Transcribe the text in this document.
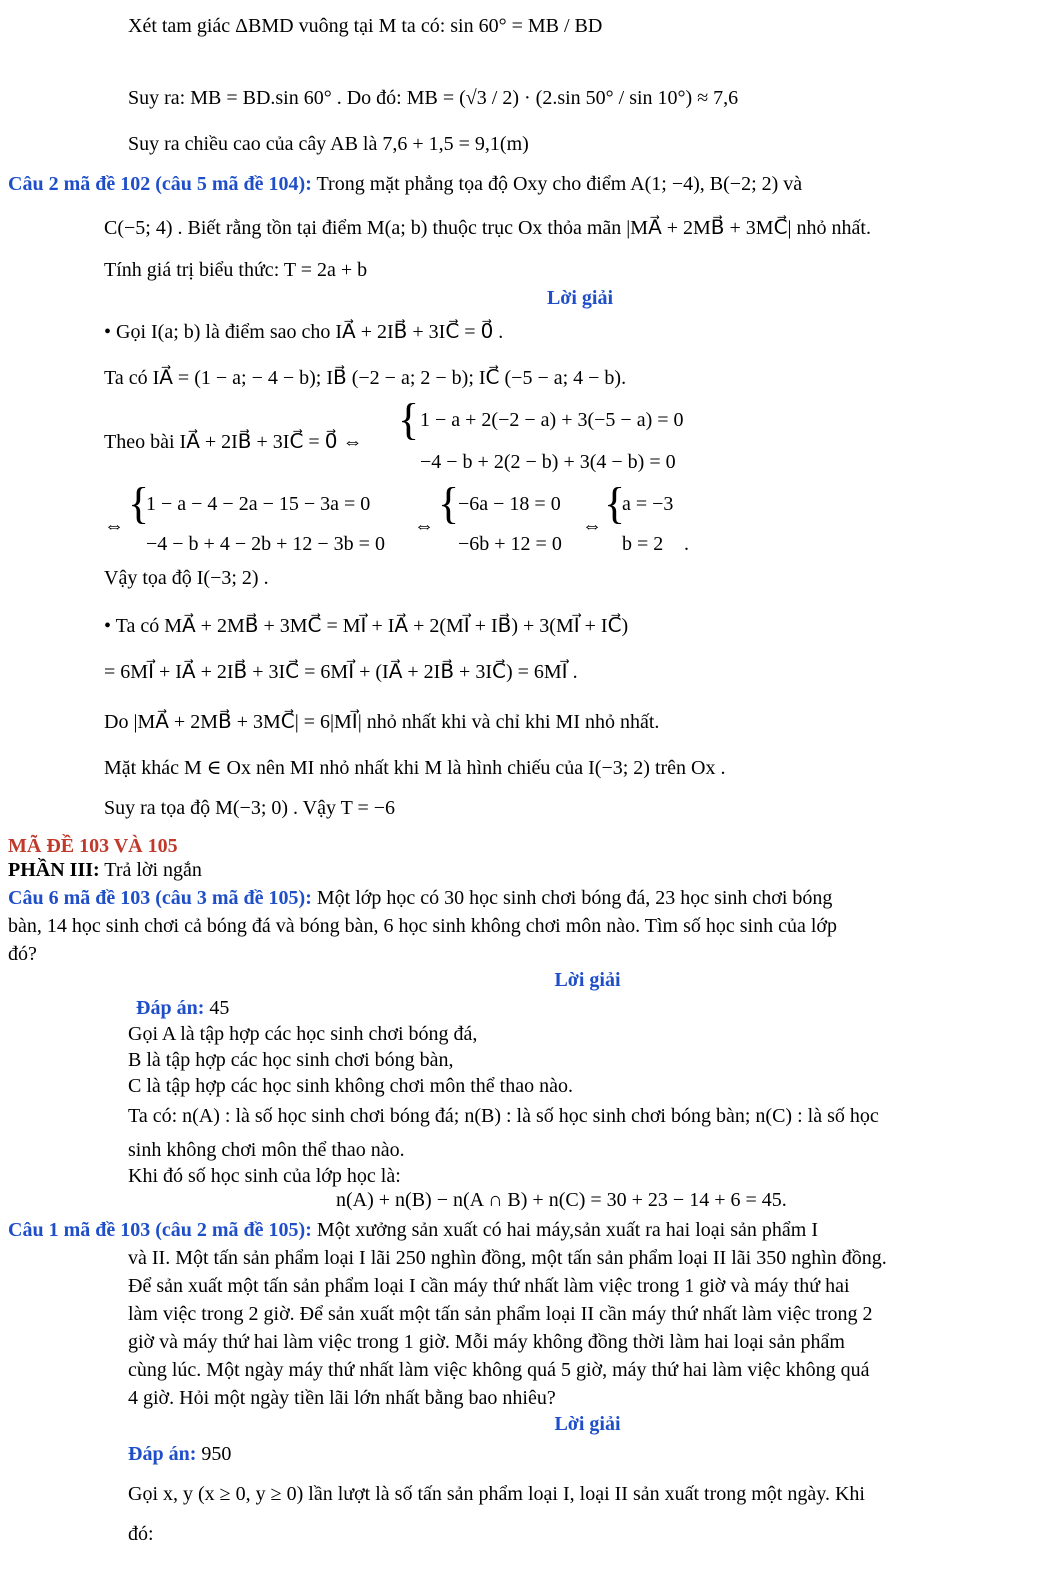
Xét tam giác ΔBMD vuông tại M ta có: sin 60° = MB / BD
Suy ra: MB = BD.sin 60° . Do đó: MB = (√3 / 2) · (2.sin 50° / sin 10°) ≈ 7,6
Suy ra chiều cao của cây AB là 7,6 + 1,5 = 9,1(m)
Câu 2 mã đề 102 (câu 5 mã đề 104): Trong mặt phẳng tọa độ Oxy cho điểm A(1; −4), B(−2; 2) và
C(−5; 4) . Biết rằng tồn tại điểm M(a; b) thuộc trục Ox thỏa mãn |MA⃗ + 2MB⃗ + 3MC⃗| nhỏ nhất.
Tính giá trị biểu thức: T = 2a + b
Lời giải
• Gọi I(a; b) là điểm sao cho IA⃗ + 2IB⃗ + 3IC⃗ = 0⃗ .
Ta có IA⃗ = (1 − a; − 4 − b); IB⃗ (−2 − a; 2 − b); IC⃗ (−5 − a; 4 − b).
Theo bài IA⃗ + 2IB⃗ + 3IC⃗ = 0⃗ ⇔ { 1 − a + 2(−2 − a) + 3(−5 − a) = 0
−4 − b + 2(2 − b) + 3(4 − b) = 0
⇔ {
1 − a − 4 − 2a − 15 − 3a = 0
−4 − b + 4 − 2b + 12 − 3b = 0
⇔ {
−6a − 18 = 0
−6b + 12 = 0
⇔ {
a = −3
b = 2 .
Vậy tọa độ I(−3; 2) .
• Ta có MA⃗ + 2MB⃗ + 3MC⃗ = MI⃗ + IA⃗ + 2(MI⃗ + IB⃗) + 3(MI⃗ + IC⃗)
= 6MI⃗ + IA⃗ + 2IB⃗ + 3IC⃗ = 6MI⃗ + (IA⃗ + 2IB⃗ + 3IC⃗) = 6MI⃗ .
Do |MA⃗ + 2MB⃗ + 3MC⃗| = 6|MI⃗| nhỏ nhất khi và chỉ khi MI nhỏ nhất.
Mặt khác M ∈ Ox nên MI nhỏ nhất khi M là hình chiếu của I(−3; 2) trên Ox .
Suy ra tọa độ M(−3; 0) . Vậy T = −6
MÃ ĐỀ 103 VÀ 105
PHẦN III: Trả lời ngắn
Câu 6 mã đề 103 (câu 3 mã đề 105): Một lớp học có 30 học sinh chơi bóng đá, 23 học sinh chơi bóng
bàn, 14 học sinh chơi cả bóng đá và bóng bàn, 6 học sinh không chơi môn nào. Tìm số học sinh của lớp
đó?
Lời giải
Đáp án: 45
Gọi A là tập hợp các học sinh chơi bóng đá,
B là tập hợp các học sinh chơi bóng bàn,
C là tập hợp các học sinh không chơi môn thể thao nào.
Ta có: n(A) : là số học sinh chơi bóng đá; n(B) : là số học sinh chơi bóng bàn; n(C) : là số học
sinh không chơi môn thể thao nào.
Khi đó số học sinh của lớp học là:
n(A) + n(B) − n(A ∩ B) + n(C) = 30 + 23 − 14 + 6 = 45.
Câu 1 mã đề 103 (câu 2 mã đề 105): Một xưởng sản xuất có hai máy,sản xuất ra hai loại sản phẩm I
và II. Một tấn sản phẩm loại I lãi 250 nghìn đồng, một tấn sản phẩm loại II lãi 350 nghìn đồng.
Để sản xuất một tấn sản phẩm loại I cần máy thứ nhất làm việc trong 1 giờ và máy thứ hai
làm việc trong 2 giờ. Để sản xuất một tấn sản phẩm loại II cần máy thứ nhất làm việc trong 2
giờ và máy thứ hai làm việc trong 1 giờ. Mỗi máy không đồng thời làm hai loại sản phẩm
cùng lúc. Một ngày máy thứ nhất làm việc không quá 5 giờ, máy thứ hai làm việc không quá
4 giờ. Hỏi một ngày tiền lãi lớn nhất bằng bao nhiêu?
Lời giải
Đáp án: 950
Gọi x, y (x ≥ 0, y ≥ 0) lần lượt là số tấn sản phẩm loại I, loại II sản xuất trong một ngày. Khi
đó:
